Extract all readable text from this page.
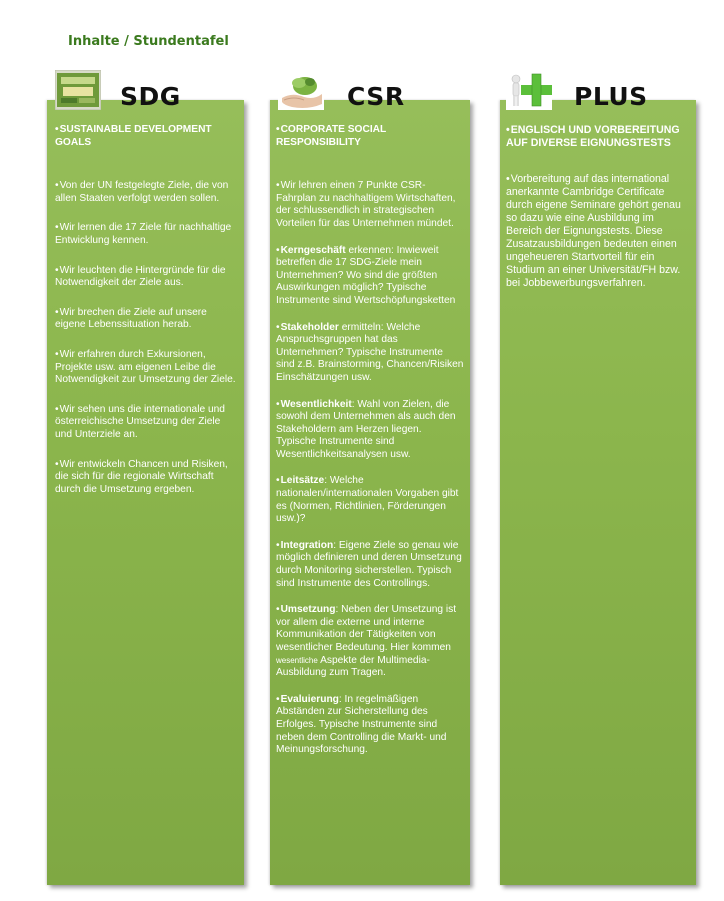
Inhalte / Stundentafel
•SUSTAINABLE DEVELOPMENT GOALS
•Von der UN festgelegte Ziele, die von allen Staaten verfolgt werden sollen.
•Wir lernen die 17 Ziele für nachhaltige Entwicklung kennen.
•Wir leuchten die Hintergründe für die Notwendigkeit der Ziele aus.
•Wir brechen die Ziele auf unsere eigene Lebenssituation herab.
•Wir erfahren durch Exkursionen, Projekte usw. am eigenen Leibe die Notwendigkeit zur Umsetzung der Ziele.
•Wir sehen uns die internationale und österreichische Umsetzung der Ziele und Unterziele an.
•Wir entwickeln Chancen und Risiken, die sich für die regionale Wirtschaft durch die Umsetzung ergeben.
•CORPORATE SOCIAL RESPONSIBILITY
•Wir lehren einen 7 Punkte CSR-Fahrplan zu nachhaltigem Wirtschaften, der schlussendlich in strategischen Vorteilen für das Unternehmen mündet.
•Kerngeschäft erkennen: Inwieweit betreffen die 17 SDG-Ziele mein Unternehmen? Wo sind die größten Auswirkungen möglich? Typische Instrumente sind Wertschöpfungsketten
•Stakeholder ermitteln: Welche Anspruchsgruppen hat das Unternehmen? Typische Instrumente sind z.B. Brainstorming, Chancen/Risiken Einschätzungen usw.
•Wesentlichkeit: Wahl von Zielen, die sowohl dem Unternehmen als auch den Stakeholdern am Herzen liegen. Typische Instrumente sind Wesentlichkeitsanalysen usw.
•Leitsätze: Welche nationalen/internationalen Vorgaben gibt es (Normen, Richtlinien, Förderungen usw.)?
•Integration: Eigene Ziele so genau wie möglich definieren und deren Umsetzung durch Monitoring sicherstellen. Typisch sind Instrumente des Controllings.
•Umsetzung: Neben der Umsetzung ist vor allem die externe und interne Kommunikation der Tätigkeiten von wesentlicher Bedeutung. Hier kommen wesentliche Aspekte der Multimedia-Ausbildung zum Tragen.
•Evaluierung: In regelmäßigen Abständen zur Sicherstellung des Erfolges. Typische Instrumente sind neben dem Controlling die Markt- und Meinungsforschung.
•ENGLISCH UND VORBEREITUNG AUF DIVERSE EIGNUNGSTESTS
•Vorbereitung auf das international anerkannte Cambridge Certificate durch eigene Seminare gehört genau so dazu wie eine Ausbildung im Bereich der Eignungstests. Diese Zusatzausbildungen bedeuten einen ungeheueren Startvorteil für ein Studium an einer Universität/FH bzw. bei Jobbewerbungsverfahren.
SDG	CSR	PLUS
